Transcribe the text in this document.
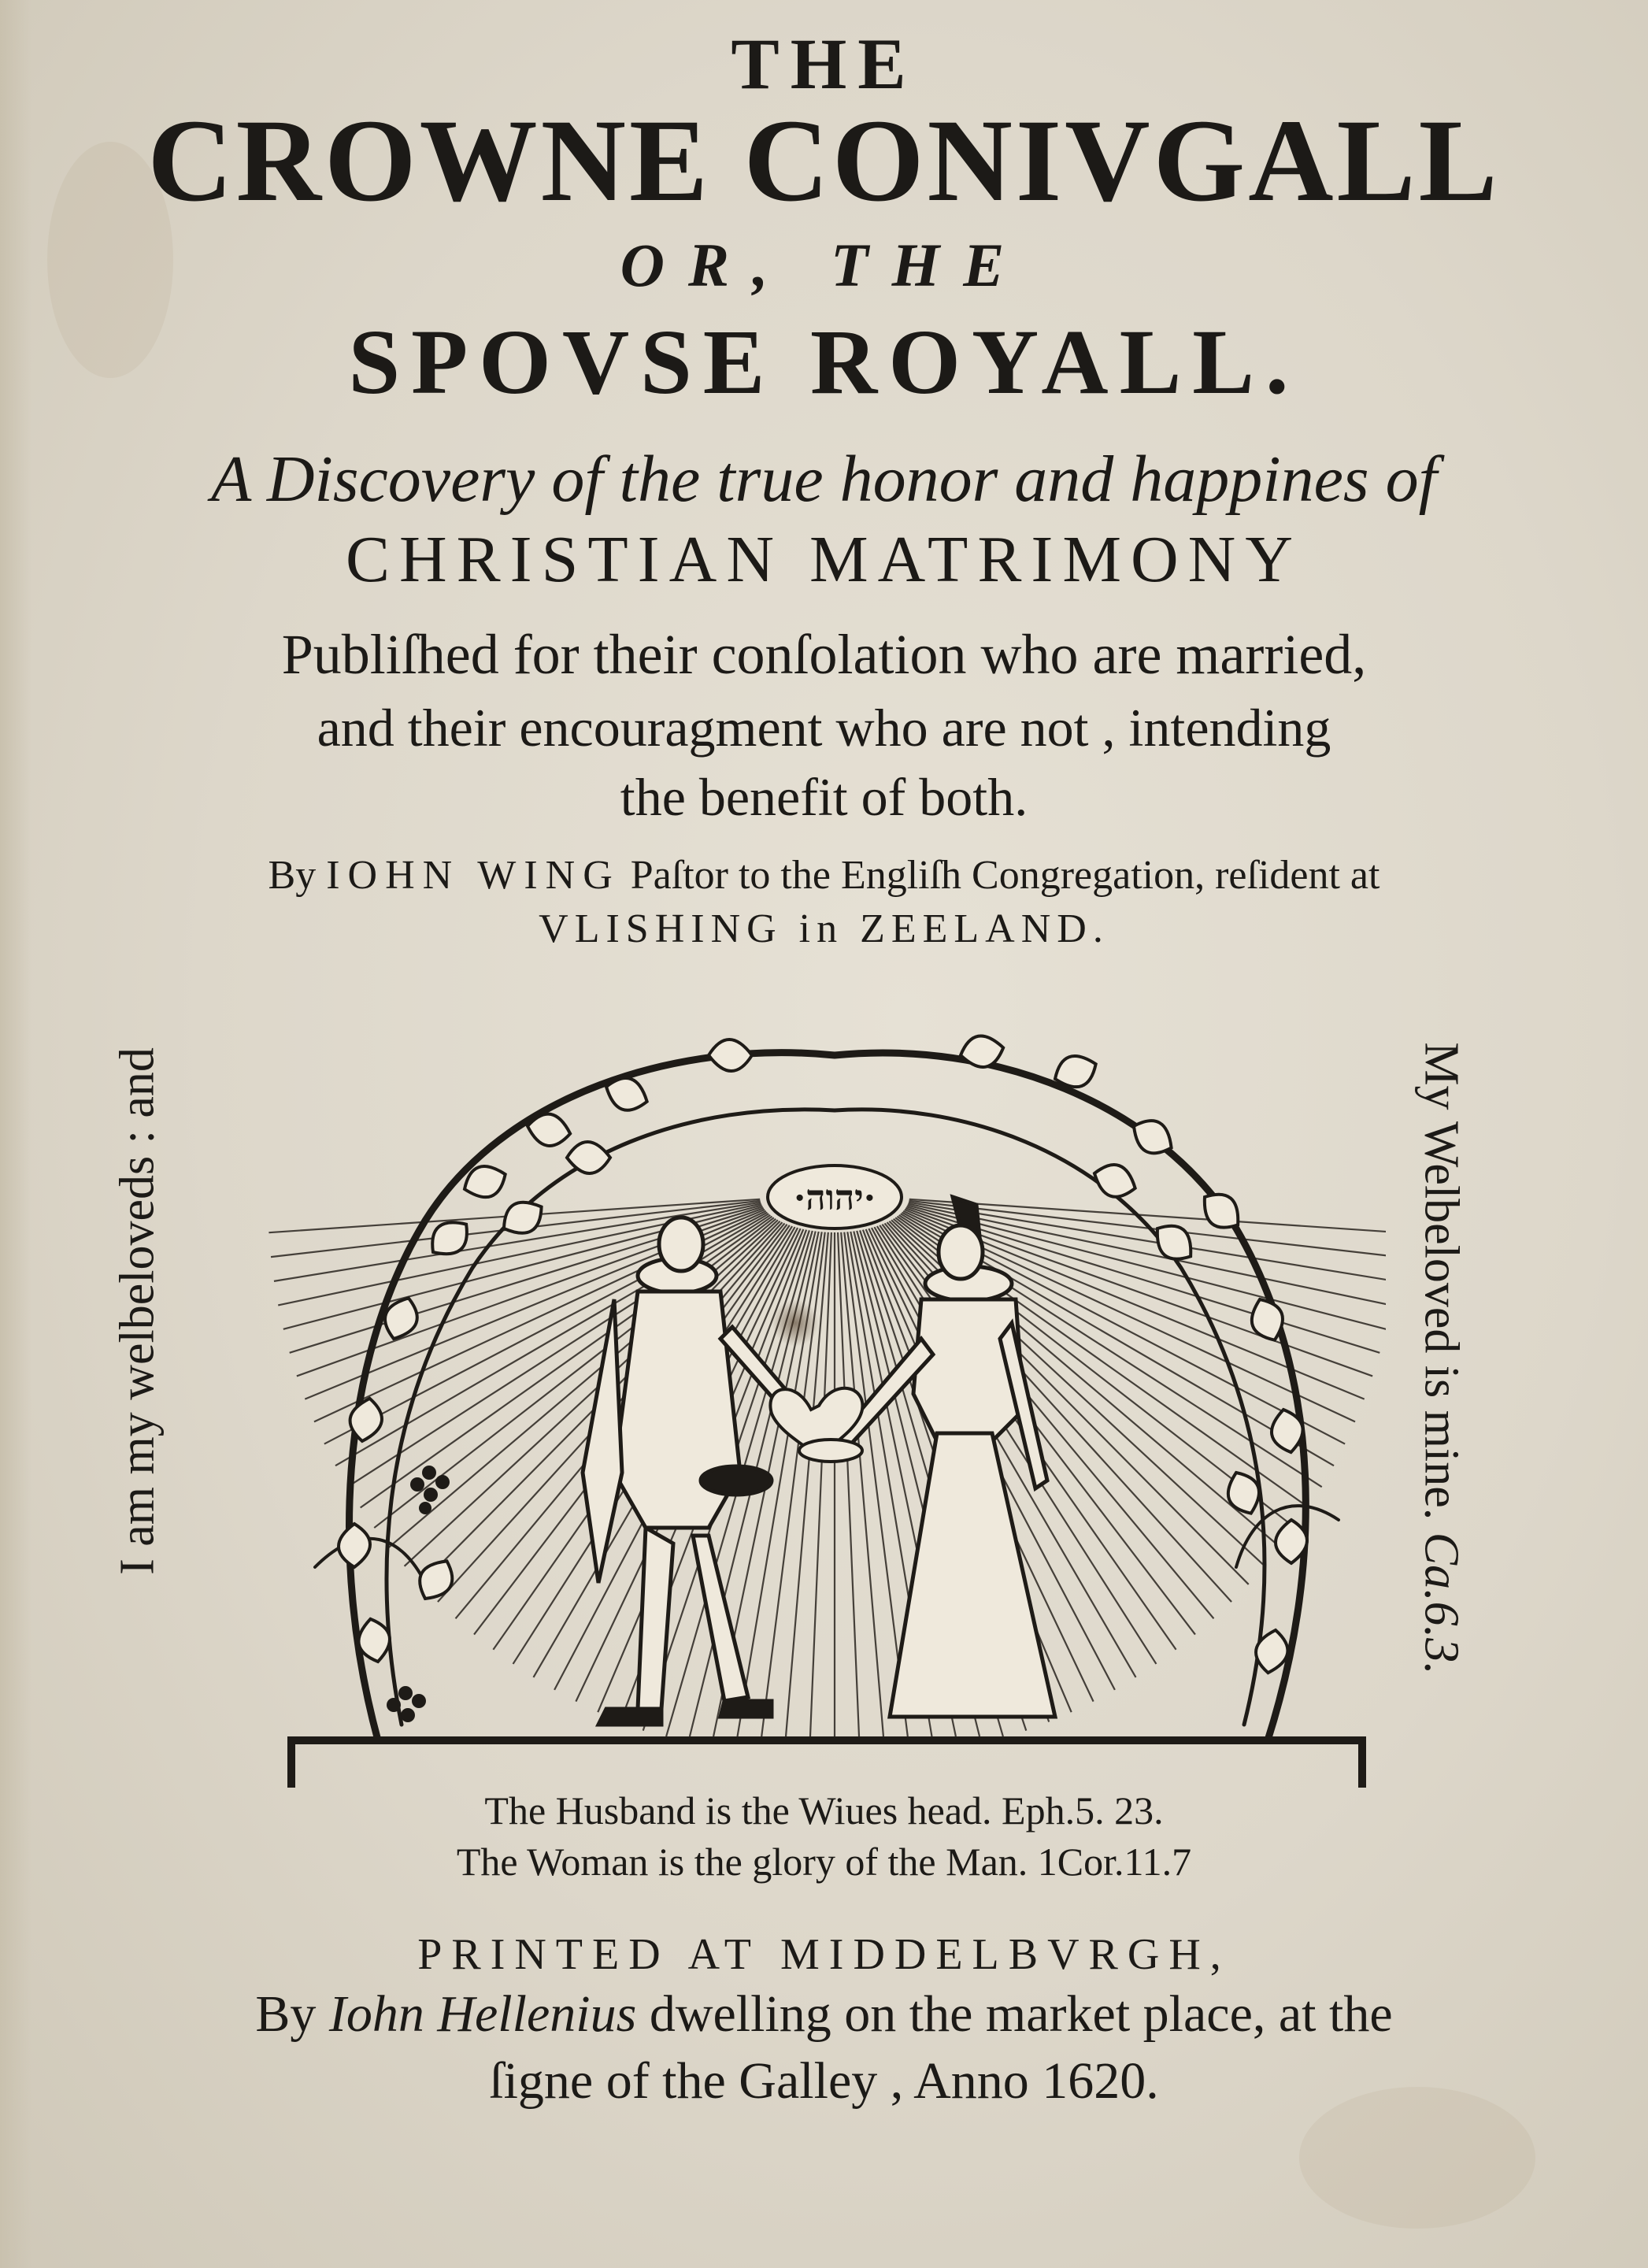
THE
CROWNE CONIVGALL
OR, THE
SPOVSE ROYALL.
A Discovery of the true honor and happines of
CHRISTIAN MATRIMONY
Publiſhed for their conſolation who are married,
and their encouragment who are not , intending
the benefit of both.
By IOHN WING Paſtor to the Engliſh Congregation, reſident at
VLISHING in ZEELAND.
I am my welbeloveds : and	My Welbeloved is mine. Ca.6.3.
·יהוה·
The Husband is the Wiues head. Eph.5. 23.
The Woman is the glory of the Man. 1Cor.11.7
PRINTED AT MIDDELBVRGH,
By Iohn Hellenius dwelling on the market place, at the
ſigne of the Galley , Anno 1620.
